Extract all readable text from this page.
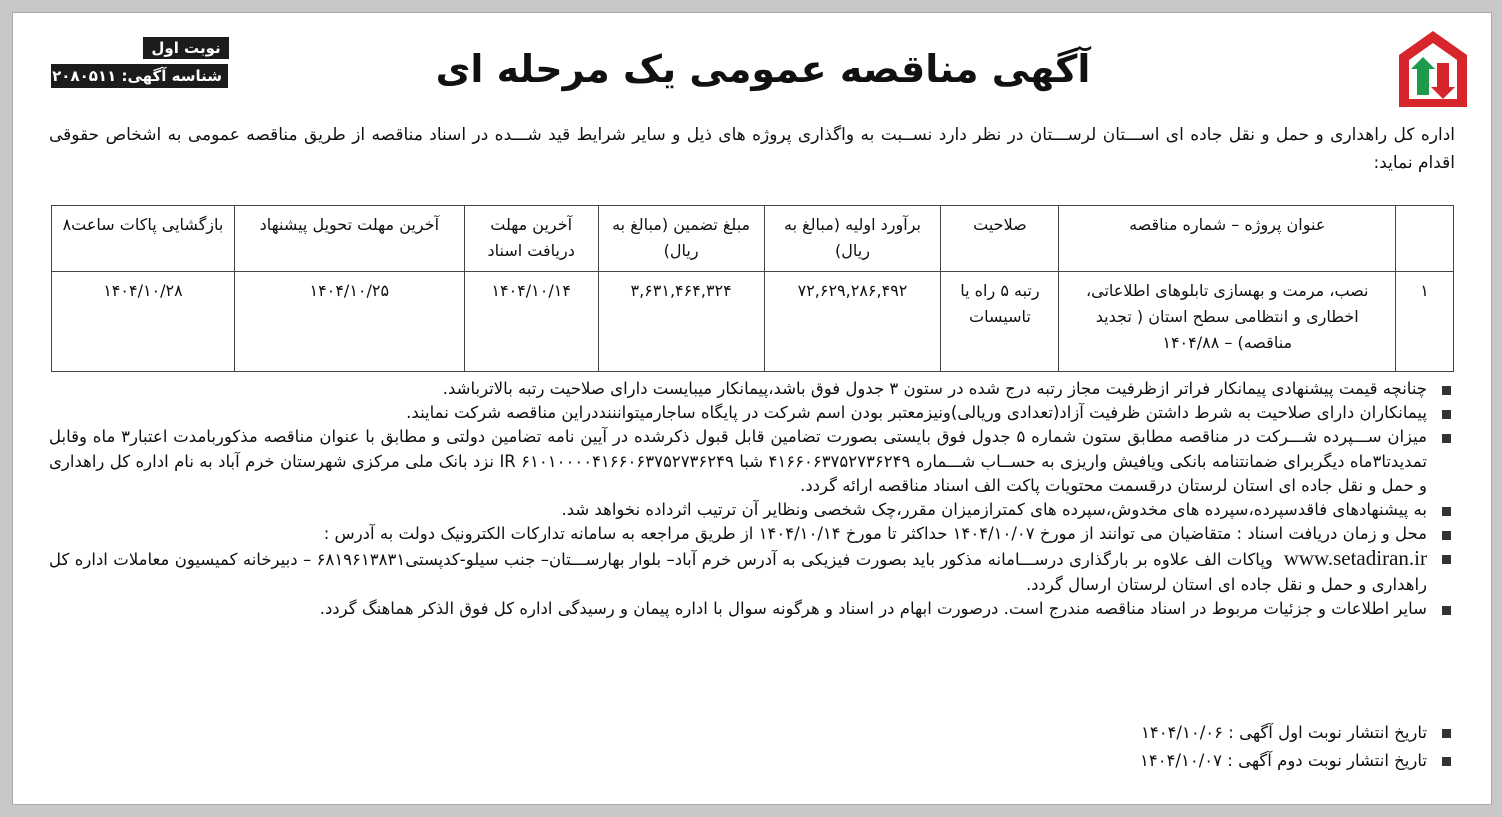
آگهی مناقصه عمومی یک مرحله ای
نوبت اول
شناسه آگهی: ۲۰۸۰۵۱۱
اداره کل راهداری و حمل و نقل جاده ای اســـتان لرســـتان در نظر دارد نســبت به واگذاری پروژه های ذیل و سایر شرایط قید شـــده در اسناد مناقصه از طریق مناقصه عمومی به اشخاص حقوقی اقدام نماید:
	عنوان پروژه – شماره مناقصه	صلاحیت	برآورد اولیه (مبالغ به ریال)	مبلغ تضمین (مبالغ به ریال)	آخرین مهلت دریافت اسناد	آخرین مهلت تحویل پیشنهاد	بازگشایی پاکات ساعت۸
۱	نصب، مرمت و بهسازی تابلوهای اطلاعاتی، اخطاری و انتظامی سطح استان ( تجدید مناقصه) – ۱۴۰۴/۸۸	رتبه ۵ راه یا تاسیسات	۷۲,۶۲۹,۲۸۶,۴۹۲	۳,۶۳۱,۴۶۴,۳۲۴	۱۴۰۴/۱۰/۱۴	۱۴۰۴/۱۰/۲۵	۱۴۰۴/۱۰/۲۸
چنانچه قیمت پیشنهادی پیمانکار فراتر ازظرفیت مجاز رتبه درج شده در ستون ۳ جدول فوق باشد،پیمانکار میبایست دارای صلاحیت رتبه بالاترباشد.
پیمانکاران دارای صلاحیت به شرط داشتن ظرفیت آزاد(تعدادی وریالی)ونیزمعتبر بودن اسم شرکت در پایگاه ساجارمیتوانننددراین مناقصه شرکت نمایند.
میزان ســـپرده شـــرکت در مناقصه مطابق ستون شماره ۵ جدول فوق بایستی بصورت تضامین قابل قبول ذکرشده در آیین نامه تضامین دولتی و مطابق با عنوان مناقصه مذکوربامدت اعتبار۳ ماه وقابل تمدیدتا۳ماه دیگربرای ضمانتنامه بانکی ویافیش واریزی به حســاب شـــماره ۴۱۶۶۰۶۳۷۵۲۷۳۶۲۴۹ شبا IR ۶۱۰۱۰۰۰۰۴۱۶۶۰۶۳۷۵۲۷۳۶۲۴۹ نزد بانک ملی مرکزی شهرستان خرم آباد به نام اداره کل راهداری و حمل و نقل جاده ای استان لرستان درقسمت محتویات پاکت الف اسناد مناقصه ارائه گردد.
به پیشنهادهای فاقدسپرده،سپرده های مخدوش،سپرده های کمترازمیزان مقرر،چک شخصی ونظایر آن ترتیب اثرداده نخواهد شد.
محل و زمان دریافت اسناد : متقاضیان می توانند از مورخ ۱۴۰۴/۱۰/۰۷ حداکثر تا مورخ ۱۴۰۴/۱۰/۱۴ از طریق مراجعه به سامانه تدارکات الکترونیک دولت به آدرس :
www.setadiran.ir  وپاکات الف علاوه بر بارگذاری درســـامانه مذکور باید بصورت فیزیکی به آدرس خرم آباد– بلوار بهارســـتان– جنب سیلو-کدپستی۶۸۱۹۶۱۳۸۳۱ – دبیرخانه کمیسیون معاملات اداره کل راهداری و حمل و نقل جاده ای استان لرستان ارسال گردد.
سایر اطلاعات و جزئیات مربوط در اسناد مناقصه مندرج است. درصورت ابهام در اسناد و هرگونه سوال با اداره پیمان و رسیدگی اداره کل فوق الذکر هماهنگ گردد.
تاریخ انتشار نوبت اول آگهی : ۱۴۰۴/۱۰/۰۶
تاریخ انتشار نوبت دوم آگهی : ۱۴۰۴/۱۰/۰۷
